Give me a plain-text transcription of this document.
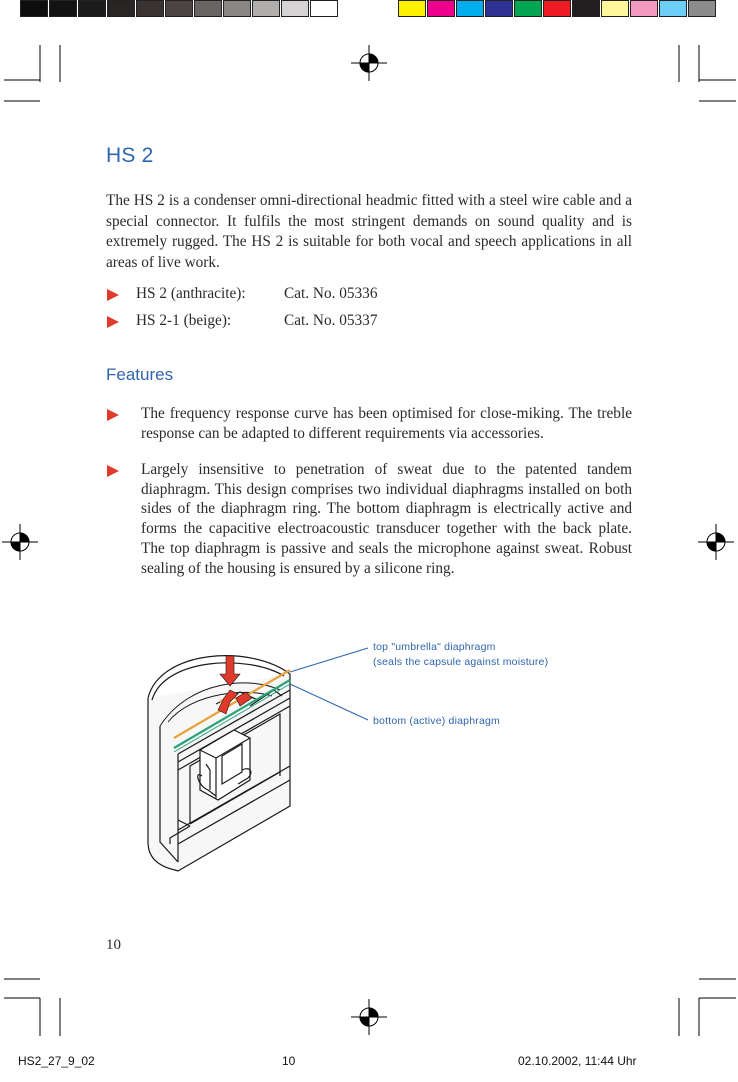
HS 2
The HS 2 is a condenser omni-directional headmic fitted with a steel wire cable and a special connector. It fulfils the most stringent demands on sound quality and is extremely rugged. The HS 2 is suitable for both vocal and speech applications in all areas of live work.
HS 2 (anthracite):	Cat. No. 05336
HS 2-1 (beige):	Cat. No. 05337
Features
The frequency response curve has been optimised for close-miking. The treble response can be adapted to different requirements via accessories.
Largely insensitive to penetration of sweat due to the patented tandem diaphragm. This design comprises two individual diaphragms installed on both sides of the diaphragm ring. The bottom diaphragm is electrically active and forms the capacitive electroacoustic transducer together with the back plate. The top diaphragm is passive and seals the microphone against sweat. Robust sealing of the housing is ensured by a silicone ring.
top "umbrella" diaphragm
(seals the capsule against moisture)
bottom (active) diaphragm
10
HS2_27_9_02	10	02.10.2002, 11:44 Uhr
